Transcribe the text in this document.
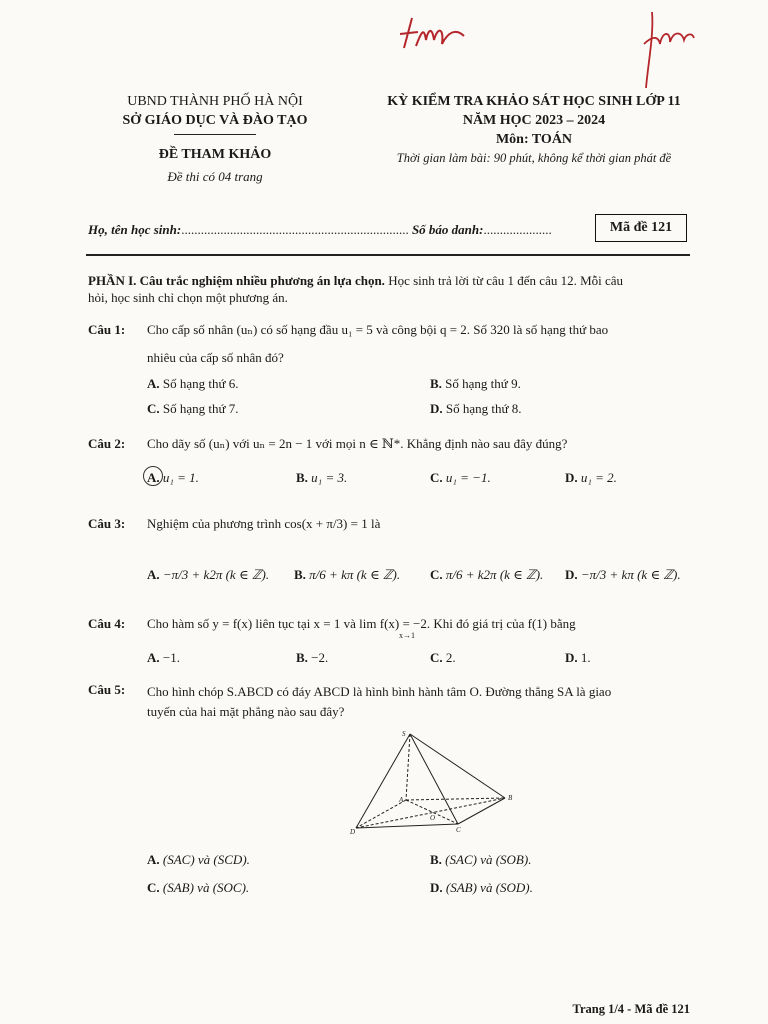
UBND THÀNH PHỐ HÀ NỘI
SỞ GIÁO DỤC VÀ ĐÀO TẠO
ĐỀ THAM KHẢO
Đề thi có 04 trang
KỲ KIỂM TRA KHẢO SÁT HỌC SINH LỚP 11
NĂM HỌC 2023 – 2024
Môn: TOÁN
Thời gian làm bài: 90 phút, không kể thời gian phát đề
Họ, tên học sinh:...................................................................... Số báo danh:.....................	Mã đề 121
PHẦN I. Câu trắc nghiệm nhiều phương án lựa chọn. Học sinh trả lời từ câu 1 đến câu 12. Mỗi câu
hỏi, học sinh chỉ chọn một phương án.
Câu 1: Cho cấp số nhân (uₙ) có số hạng đầu u₁ = 5 và công bội q = 2. Số 320 là số hạng thứ bao
nhiêu của cấp số nhân đó?
A. Số hạng thứ 6.	B. Số hạng thứ 9.
C. Số hạng thứ 7.	D. Số hạng thứ 8.
Câu 2: Cho dãy số (uₙ) với uₙ = 2n − 1 với mọi n ∈ ℕ*. Khẳng định nào sau đây đúng?
A. u₁ = 1.	B. u₁ = 3.	C. u₁ = −1.	D. u₁ = 2.
Câu 3: Nghiệm của phương trình cos(x + π/3) = 1 là
A. −π/3 + k2π (k ∈ ℤ). B. π/6 + kπ (k ∈ ℤ). C. π/6 + k2π (k ∈ ℤ). D. −π/3 + kπ (k ∈ ℤ).
Câu 4: Cho hàm số y = f(x) liên tục tại x = 1 và lim f(x) = −2. Khi đó giá trị của f(1) bằng
x→1
A. −1.	B. −2.	C. 2.	D. 1.
Câu 5: Cho hình chóp S.ABCD có đáy ABCD là hình bình hành tâm O. Đường thẳng SA là giao
tuyến của hai mặt phẳng nào sau đây?
S
A	B
C
D
O
A. (SAC) và (SCD).	B. (SAC) và (SOB).
C. (SAB) và (SOC).	D. (SAB) và (SOD).
Trang 1/4 - Mã đề 121
